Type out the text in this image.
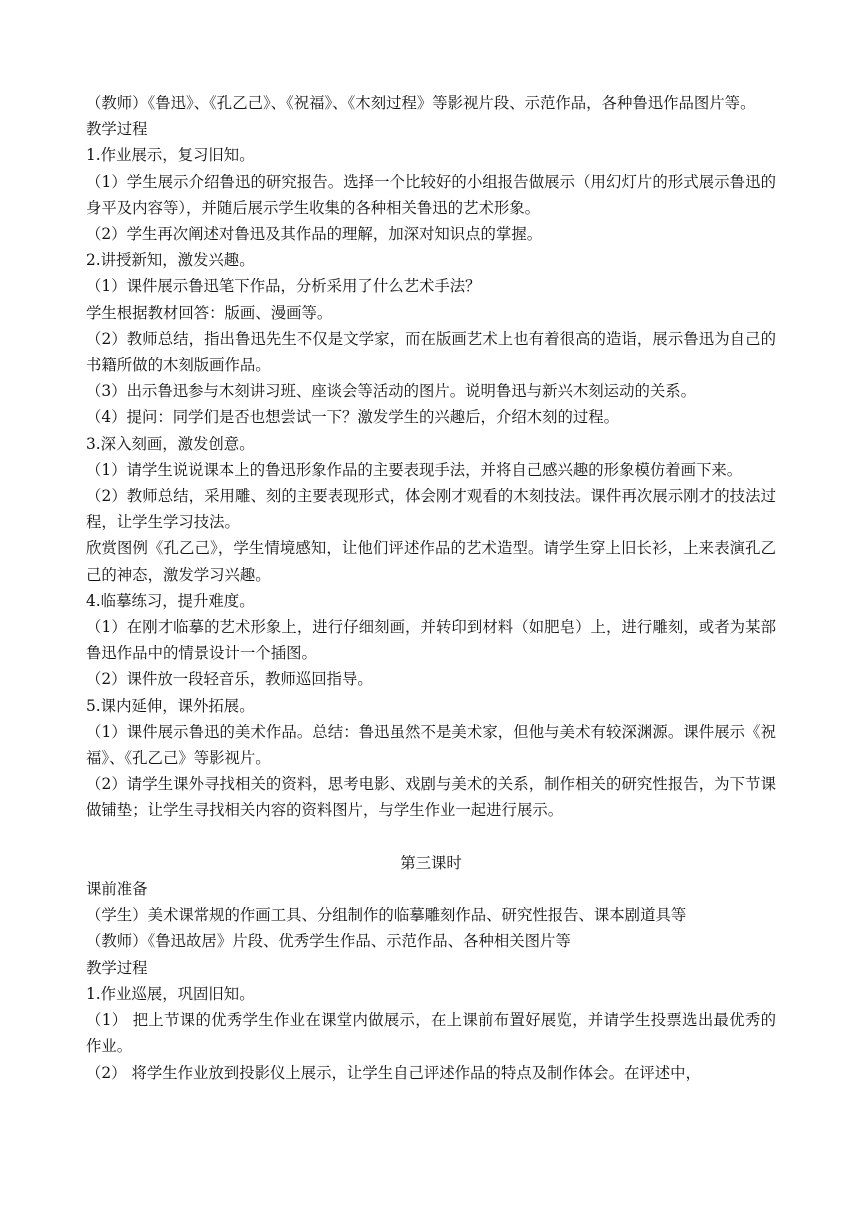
（教师）《鲁迅》、《孔乙己》、《祝福》、《木刻过程》等影视片段、示范作品，各种鲁迅作品图片等。

教学过程

1.作业展示，复习旧知。

（1）学生展示介绍鲁迅的研究报告。选择一个比较好的小组报告做展示（用幻灯片的形式展示鲁迅的身平及内容等），并随后展示学生收集的各种相关鲁迅的艺术形象。

（2）学生再次阐述对鲁迅及其作品的理解，加深对知识点的掌握。

2.讲授新知，激发兴趣。

（1）课件展示鲁迅笔下作品，分析采用了什么艺术手法？

学生根据教材回答：版画、漫画等。

（2）教师总结，指出鲁迅先生不仅是文学家，而在版画艺术上也有着很高的造诣，展示鲁迅为自己的书籍所做的木刻版画作品。

（3）出示鲁迅参与木刻讲习班、座谈会等活动的图片。说明鲁迅与新兴木刻运动的关系。

（4）提问：同学们是否也想尝试一下？激发学生的兴趣后，介绍木刻的过程。

3.深入刻画，激发创意。

（1）请学生说说课本上的鲁迅形象作品的主要表现手法，并将自己感兴趣的形象模仿着画下来。

（2）教师总结，采用雕、刻的主要表现形式，体会刚才观看的木刻技法。课件再次展示刚才的技法过程，让学生学习技法。

欣赏图例《孔乙己》，学生情境感知，让他们评述作品的艺术造型。请学生穿上旧长衫，上来表演孔乙己的神态，激发学习兴趣。

4.临摹练习，提升难度。

（1）在刚才临摹的艺术形象上，进行仔细刻画，并转印到材料（如肥皂）上，进行雕刻，或者为某部鲁迅作品中的情景设计一个插图。

（2）课件放一段轻音乐，教师巡回指导。

5.课内延伸，课外拓展。

（1）课件展示鲁迅的美术作品。总结：鲁迅虽然不是美术家，但他与美术有较深渊源。课件展示《祝福》、《孔乙己》等影视片。

（2）请学生课外寻找相关的资料，思考电影、戏剧与美术的关系，制作相关的研究性报告，为下节课做铺垫；让学生寻找相关内容的资料图片，与学生作业一起进行展示。

第三课时

课前准备

（学生）美术课常规的作画工具、分组制作的临摹雕刻作品、研究性报告、课本剧道具等

（教师）《鲁迅故居》片段、优秀学生作品、示范作品、各种相关图片等

教学过程

1.作业巡展，巩固旧知。

（1） 把上节课的优秀学生作业在课堂内做展示，在上课前布置好展览，并请学生投票选出最优秀的作业。

（2） 将学生作业放到投影仪上展示，让学生自己评述作品的特点及制作体会。在评述中，
